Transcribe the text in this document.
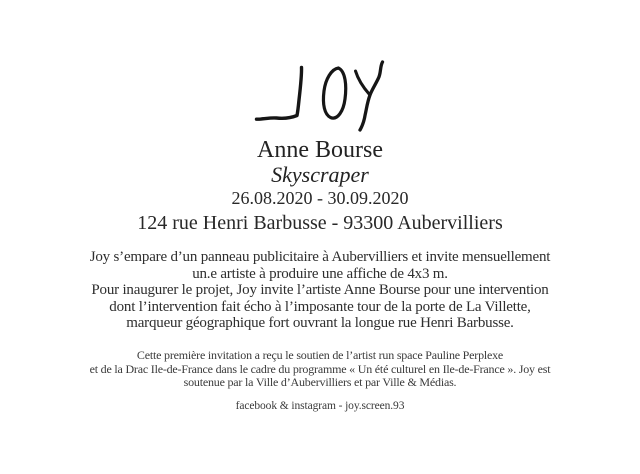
Anne Bourse
Skyscraper
26.08.2020 - 30.09.2020
124 rue Henri Barbusse - 93300 Aubervilliers
Joy s’empare d’un panneau publicitaire à Aubervilliers et invite mensuellement
un.e artiste à produire une affiche de 4x3 m.
Pour inaugurer le projet, Joy invite l’artiste Anne Bourse pour une intervention
dont l’intervention fait écho à l’imposante tour de la porte de La Villette,
marqueur géographique fort ouvrant la longue rue Henri Barbusse.
Cette première invitation a reçu le soutien de l’artist run space Pauline Perplexe
et de la Drac Ile-de-France dans le cadre du programme « Un été culturel en Ile-de-France ». Joy est
soutenue par la Ville d’Aubervilliers et par Ville & Médias.
facebook & instagram - joy.screen.93
